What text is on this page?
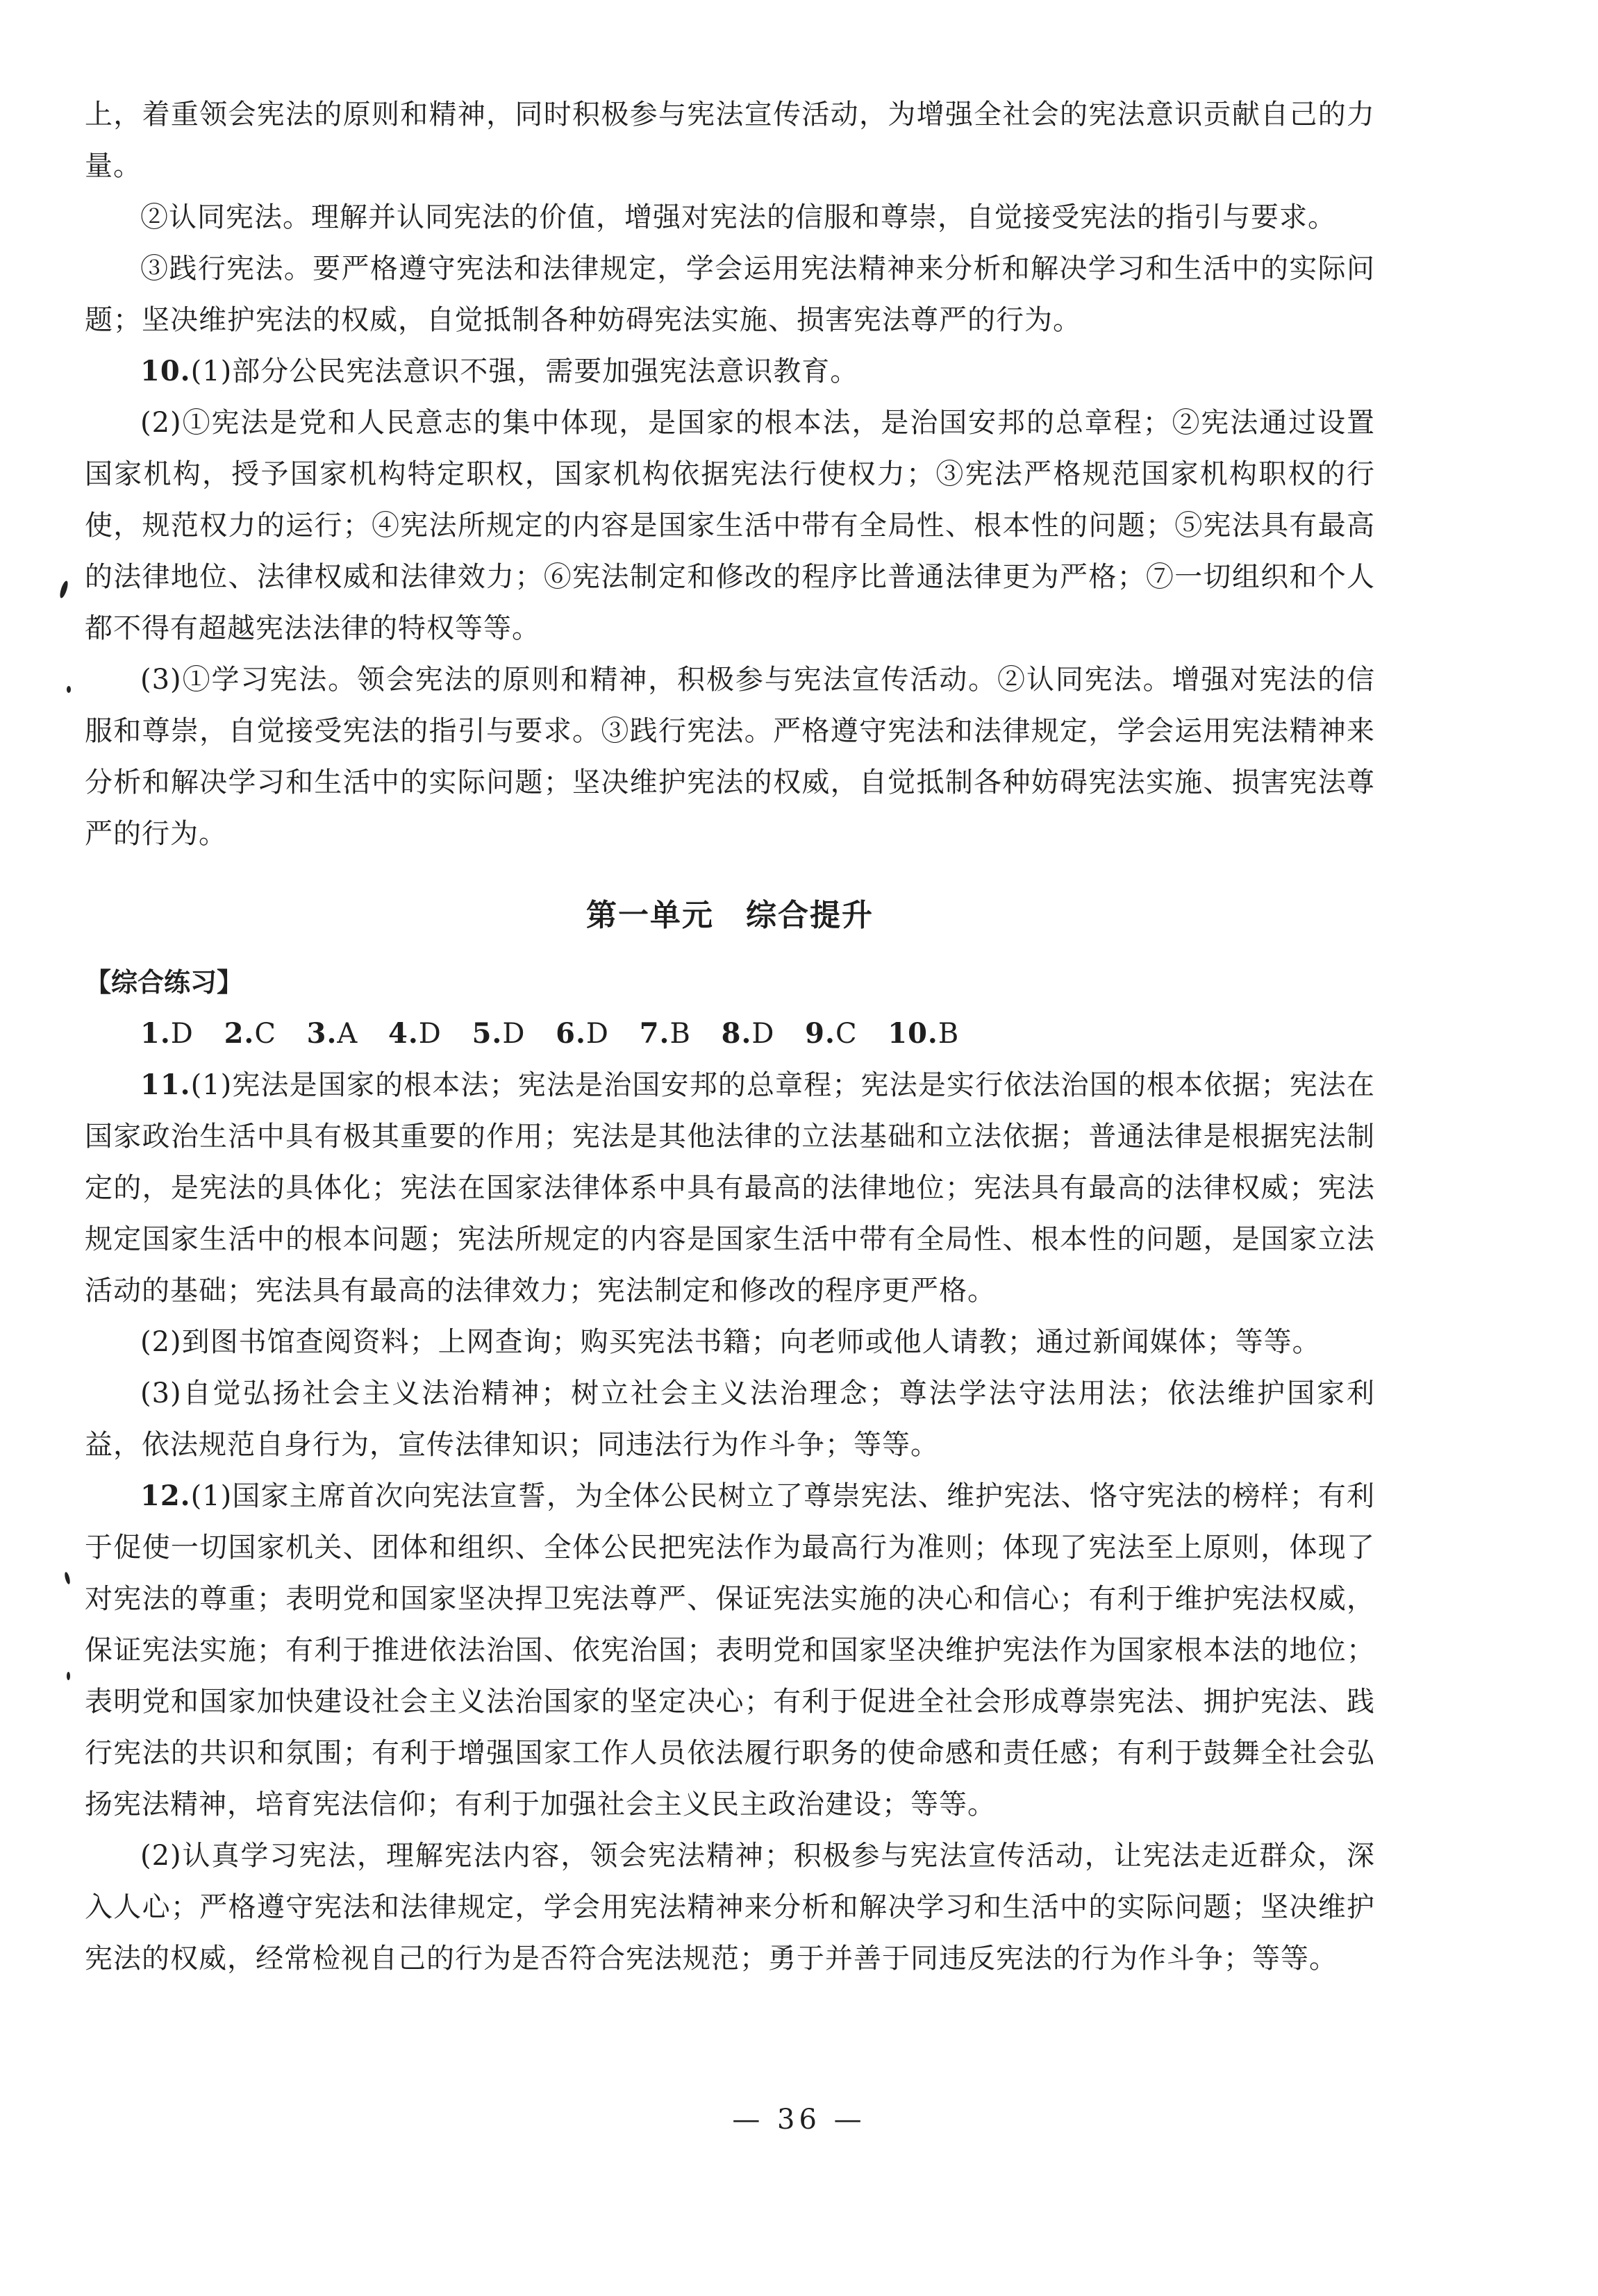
上，着重领会宪法的原则和精神，同时积极参与宪法宣传活动，为增强全社会的宪法意识贡献自己的力量。

②认同宪法。理解并认同宪法的价值，增强对宪法的信服和尊崇，自觉接受宪法的指引与要求。

③践行宪法。要严格遵守宪法和法律规定，学会运用宪法精神来分析和解决学习和生活中的实际问题；坚决维护宪法的权威，自觉抵制各种妨碍宪法实施、损害宪法尊严的行为。

10.(1)部分公民宪法意识不强，需要加强宪法意识教育。

(2)①宪法是党和人民意志的集中体现，是国家的根本法，是治国安邦的总章程；②宪法通过设置国家机构，授予国家机构特定职权，国家机构依据宪法行使权力；③宪法严格规范国家机构职权的行使，规范权力的运行；④宪法所规定的内容是国家生活中带有全局性、根本性的问题；⑤宪法具有最高的法律地位、法律权威和法律效力；⑥宪法制定和修改的程序比普通法律更为严格；⑦一切组织和个人都不得有超越宪法法律的特权等等。

(3)①学习宪法。领会宪法的原则和精神，积极参与宪法宣传活动。②认同宪法。增强对宪法的信服和尊崇，自觉接受宪法的指引与要求。③践行宪法。严格遵守宪法和法律规定，学会运用宪法精神来分析和解决学习和生活中的实际问题；坚决维护宪法的权威，自觉抵制各种妨碍宪法实施、损害宪法尊严的行为。

第一单元　综合提升

【综合练习】

1.D 2.C 3.A 4.D 5.D 6.D 7.B 8.D 9.C 10.B

11.(1)宪法是国家的根本法；宪法是治国安邦的总章程；宪法是实行依法治国的根本依据；宪法在国家政治生活中具有极其重要的作用；宪法是其他法律的立法基础和立法依据；普通法律是根据宪法制定的，是宪法的具体化；宪法在国家法律体系中具有最高的法律地位；宪法具有最高的法律权威；宪法规定国家生活中的根本问题；宪法所规定的内容是国家生活中带有全局性、根本性的问题，是国家立法活动的基础；宪法具有最高的法律效力；宪法制定和修改的程序更严格。

(2)到图书馆查阅资料；上网查询；购买宪法书籍；向老师或他人请教；通过新闻媒体；等等。

(3)自觉弘扬社会主义法治精神；树立社会主义法治理念；尊法学法守法用法；依法维护国家利益，依法规范自身行为，宣传法律知识；同违法行为作斗争；等等。

12.(1)国家主席首次向宪法宣誓，为全体公民树立了尊崇宪法、维护宪法、恪守宪法的榜样；有利于促使一切国家机关、团体和组织、全体公民把宪法作为最高行为准则；体现了宪法至上原则，体现了对宪法的尊重；表明党和国家坚决捍卫宪法尊严、保证宪法实施的决心和信心；有利于维护宪法权威，保证宪法实施；有利于推进依法治国、依宪治国；表明党和国家坚决维护宪法作为国家根本法的地位；表明党和国家加快建设社会主义法治国家的坚定决心；有利于促进全社会形成尊崇宪法、拥护宪法、践行宪法的共识和氛围；有利于增强国家工作人员依法履行职务的使命感和责任感；有利于鼓舞全社会弘扬宪法精神，培育宪法信仰；有利于加强社会主义民主政治建设；等等。

(2)认真学习宪法，理解宪法内容，领会宪法精神；积极参与宪法宣传活动，让宪法走近群众，深入人心；严格遵守宪法和法律规定，学会用宪法精神来分析和解决学习和生活中的实际问题；坚决维护宪法的权威，经常检视自己的行为是否符合宪法规范；勇于并善于同违反宪法的行为作斗争；等等。

— 36 —
